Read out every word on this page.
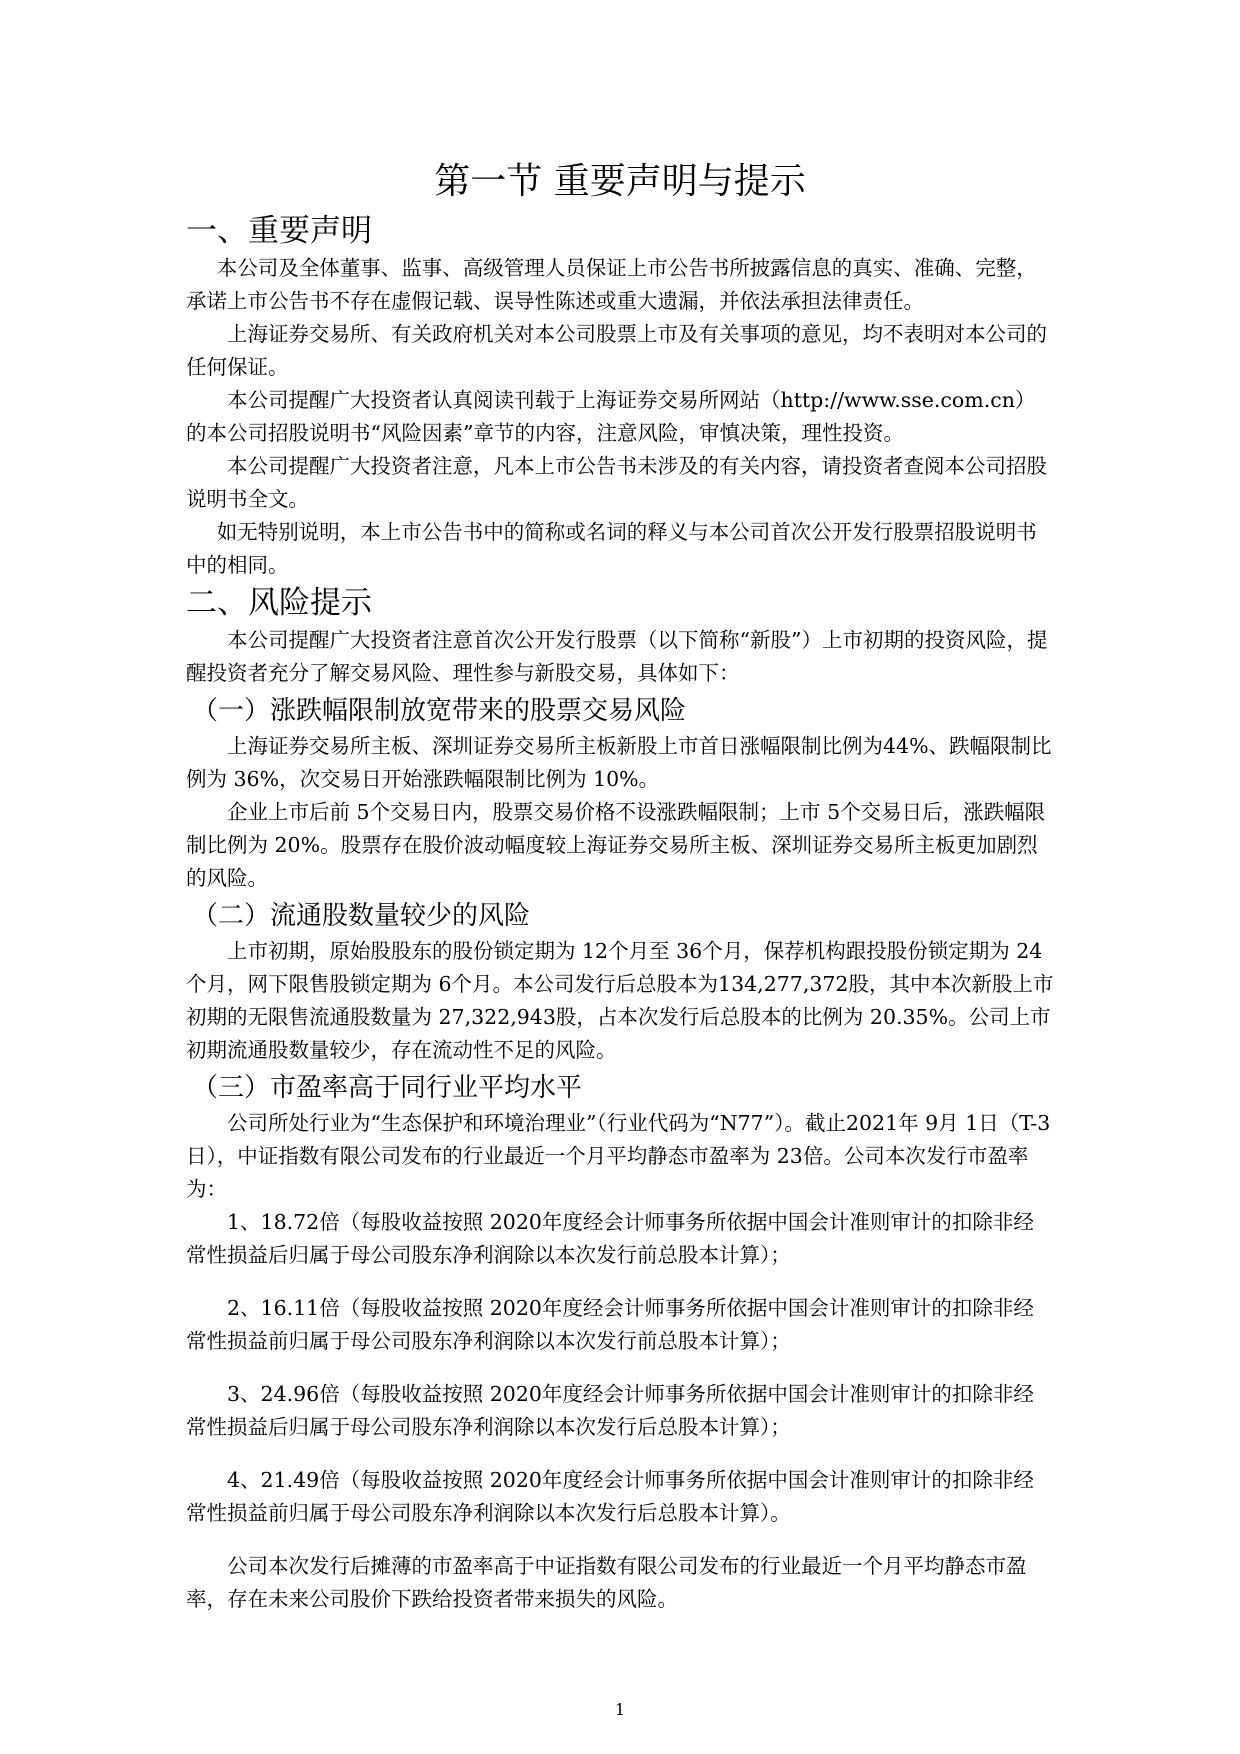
第一节 重要声明与提示
一、重要声明

本公司及全体董事、监事、高级管理人员保证上市公告书所披露信息的真实、准确、完整，承诺上市公告书不存在虚假记载、误导性陈述或重大遗漏，并依法承担法律责任。

上海证券交易所、有关政府机关对本公司股票上市及有关事项的意见，均不表明对本公司的任何保证。

本公司提醒广大投资者认真阅读刊载于上海证券交易所网站（http://www.sse.com.cn）的本公司招股说明书“风险因素”章节的内容，注意风险，审慎决策，理性投资。

本公司提醒广大投资者注意，凡本上市公告书未涉及的有关内容，请投资者查阅本公司招股说明书全文。

如无特别说明，本上市公告书中的简称或名词的释义与本公司首次公开发行股票招股说明书中的相同。

二、风险提示

本公司提醒广大投资者注意首次公开发行股票（以下简称“新股”）上市初期的投资风险，提醒投资者充分了解交易风险、理性参与新股交易，具体如下：

（一）涨跌幅限制放宽带来的股票交易风险

上海证券交易所主板、深圳证券交易所主板新股上市首日涨幅限制比例为44%、跌幅限制比例为 36%，次交易日开始涨跌幅限制比例为 10%。

企业上市后前 5个交易日内，股票交易价格不设涨跌幅限制；上市 5个交易日后，涨跌幅限制比例为 20%。股票存在股价波动幅度较上海证券交易所主板、深圳证券交易所主板更加剧烈的风险。

（二）流通股数量较少的风险

上市初期，原始股股东的股份锁定期为 12个月至 36个月，保荐机构跟投股份锁定期为 24个月，网下限售股锁定期为 6个月。本公司发行后总股本为134,277,372股，其中本次新股上市初期的无限售流通股数量为 27,322,943股，占本次发行后总股本的比例为 20.35%。公司上市初期流通股数量较少，存在流动性不足的风险。

（三）市盈率高于同行业平均水平

公司所处行业为“生态保护和环境治理业”（行业代码为“N77”）。截止2021年 9月 1日（T-3日），中证指数有限公司发布的行业最近一个月平均静态市盈率为 23倍。公司本次发行市盈率为：

1、18.72倍（每股收益按照 2020年度经会计师事务所依据中国会计准则审计的扣除非经常性损益后归属于母公司股东净利润除以本次发行前总股本计算）；

2、16.11倍（每股收益按照 2020年度经会计师事务所依据中国会计准则审计的扣除非经常性损益前归属于母公司股东净利润除以本次发行前总股本计算）；

3、24.96倍（每股收益按照 2020年度经会计师事务所依据中国会计准则审计的扣除非经常性损益后归属于母公司股东净利润除以本次发行后总股本计算）；

4、21.49倍（每股收益按照 2020年度经会计师事务所依据中国会计准则审计的扣除非经常性损益前归属于母公司股东净利润除以本次发行后总股本计算）。

公司本次发行后摊薄的市盈率高于中证指数有限公司发布的行业最近一个月平均静态市盈率，存在未来公司股价下跌给投资者带来损失的风险。

1
